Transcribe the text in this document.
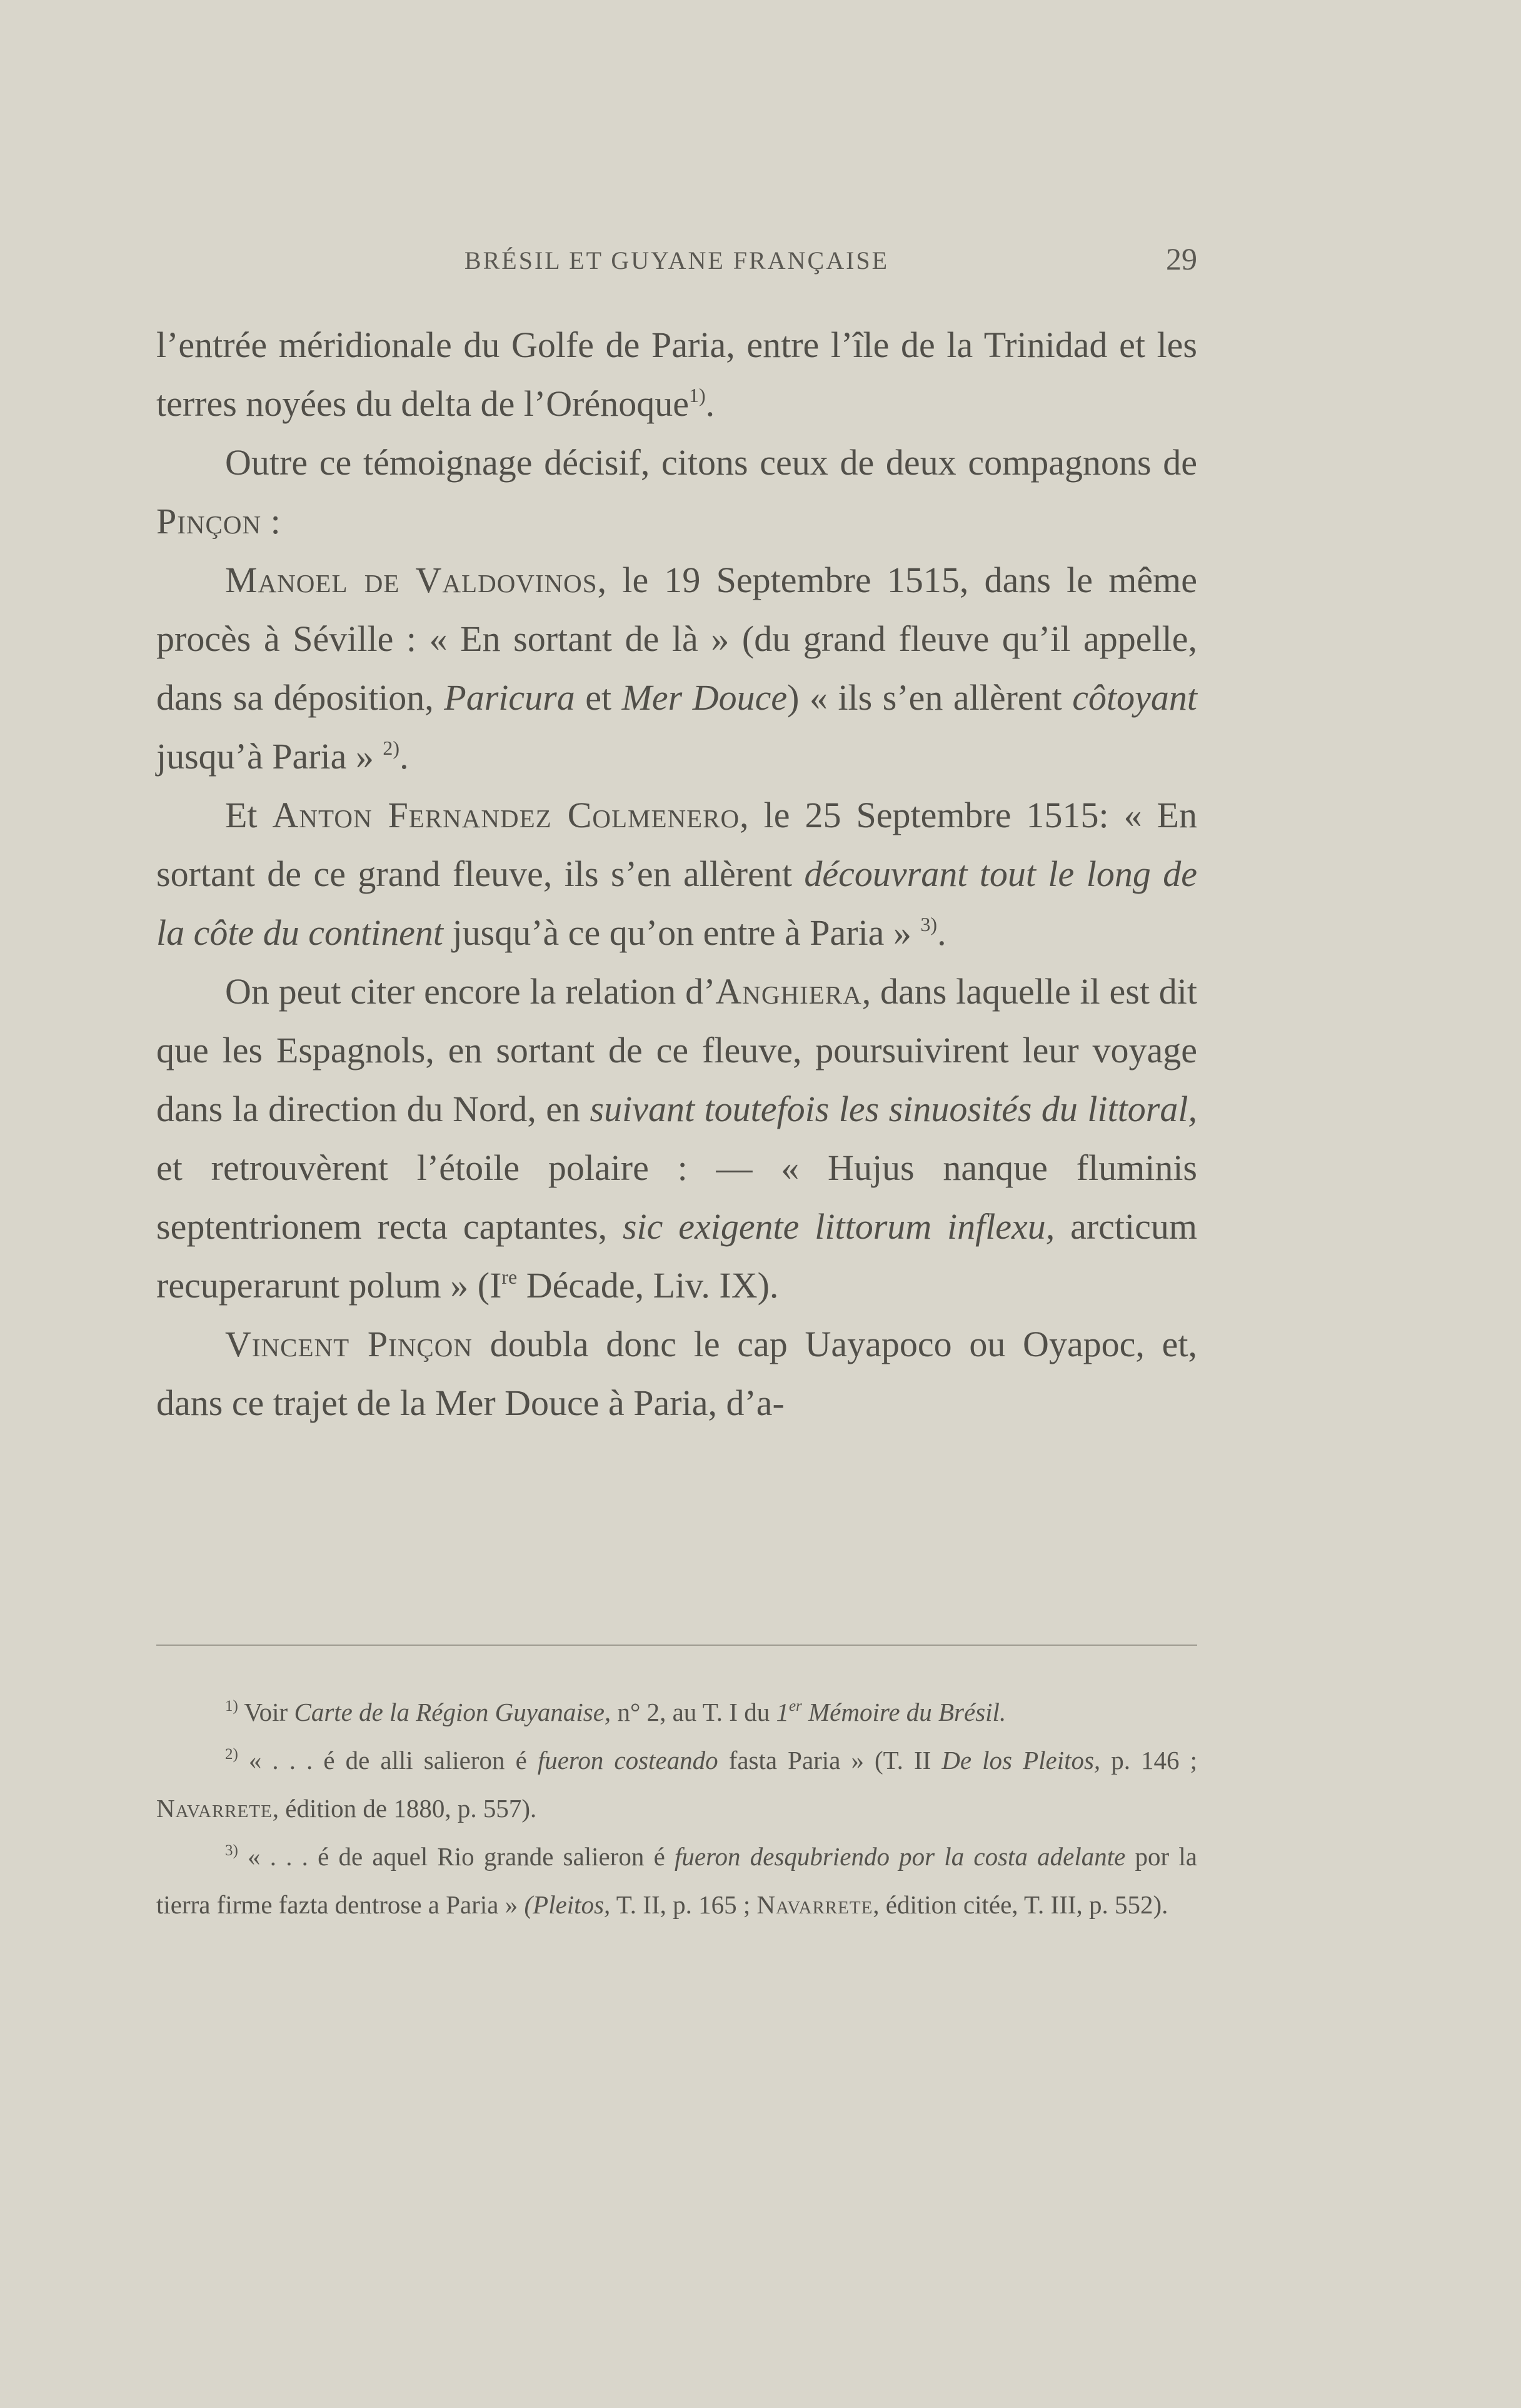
BRÉSIL ET GUYANE FRANÇAISE	29

l’entrée méridionale du Golfe de Paria, entre l’île de la Trinidad et les terres noyées du delta de l’Orénoque$^{1)}$.

Outre ce témoignage décisif, citons ceux de deux compagnons de Pinçon :

Manoel de Valdovinos, le 19 Septembre 1515, dans le même procès à Séville : « En sortant de là » (du grand fleuve qu’il appelle, dans sa déposition, Paricura et Mer Douce) « ils s’en allèrent côtoyant jusqu’à Paria » $^{2)}$.

Et Anton Fernandez Colmenero, le 25 Septembre 1515: « En sortant de ce grand fleuve, ils s’en allèrent découvrant tout le long de la côte du continent jusqu’à ce qu’on entre à Paria » $^{3)}$.

On peut citer encore la relation d’Anghiera, dans laquelle il est dit que les Espagnols, en sortant de ce fleuve, poursuivirent leur voyage dans la direction du Nord, en suivant toutefois les sinuosités du littoral, et retrouvèrent l’étoile polaire : — « Hujus nanque fluminis septentrionem recta captantes, sic exigente littorum inflexu, arcticum recuperarunt polum » (Ire Décade, Liv. IX).

Vincent Pinçon doubla donc le cap Uayapoco ou Oyapoc, et, dans ce trajet de la Mer Douce à Paria, d’a-

$^{1)}$ Voir Carte de la Région Guyanaise, n° 2, au T. I du 1er Mémoire du Brésil.

$^{2)}$ « . . . é de alli salieron é fueron costeando fasta Paria » (T. II De los Pleitos, p. 146 ; Navarrete, édition de 1880, p. 557).

$^{3)}$ « . . . é de aquel Rio grande salieron é fueron desqubriendo por la costa adelante por la tierra firme fazta dentrose a Paria » (Pleitos, T. II, p. 165 ; Navarrete, édition citée, T. III, p. 552).
